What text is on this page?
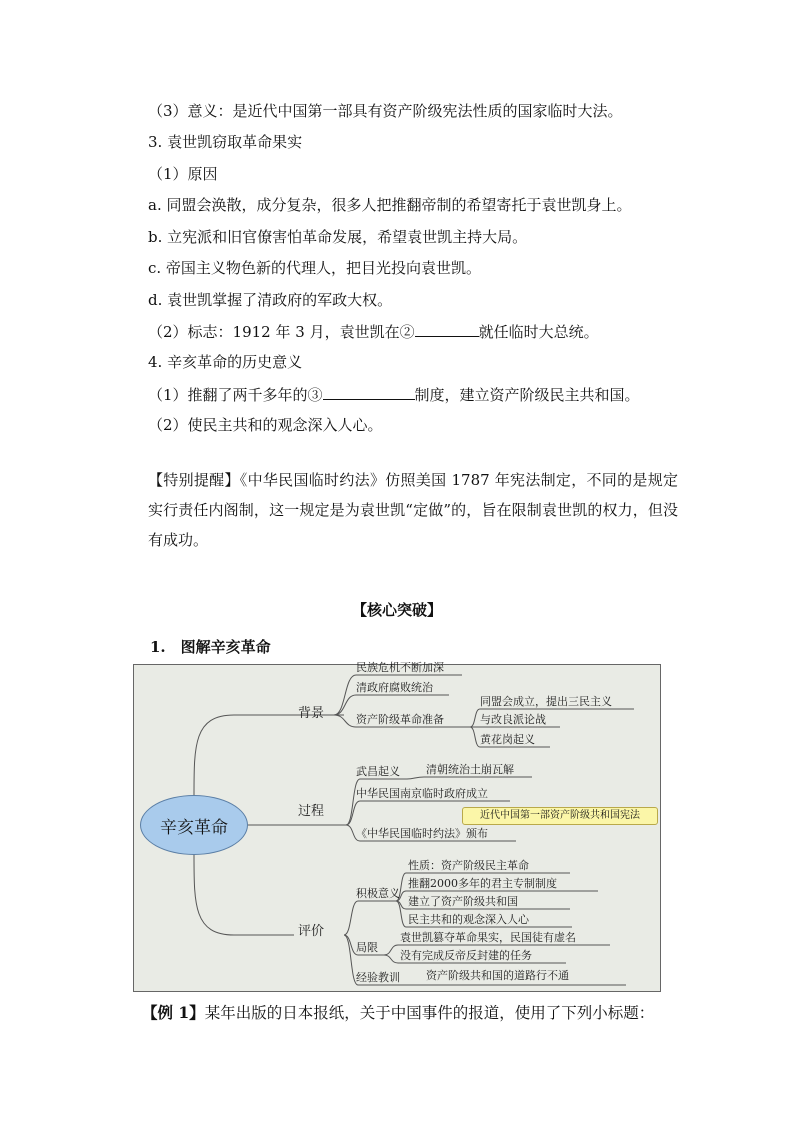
（3）意义：是近代中国第一部具有资产阶级宪法性质的国家临时大法。
3. 袁世凯窃取革命果实
（1）原因
a. 同盟会涣散，成分复杂，很多人把推翻帝制的希望寄托于袁世凯身上。
b. 立宪派和旧官僚害怕革命发展，希望袁世凯主持大局。
c. 帝国主义物色新的代理人，把目光投向袁世凯。
d. 袁世凯掌握了清政府的军政大权。
（2）标志：1912 年 3 月，袁世凯在②	就任临时大总统。
4. 辛亥革命的历史意义
（1）推翻了两千多年的③	制度，建立资产阶级民主共和国。
（2）使民主共和的观念深入人心。
【特别提醒】《中华民国临时约法》仿照美国 1787 年宪法制定，不同的是规定实行责任内阁制，这一规定是为袁世凯“定做”的，旨在限制袁世凯的权力，但没有成功。
【核心突破】
1.　图解辛亥革命
辛亥革命
背景
过程
评价
民族危机不断加深
清政府腐败统治
资产阶级革命准备
同盟会成立，提出三民主义
与改良派论战
黄花岗起义
武昌起义 清朝统治土崩瓦解
中华民国南京临时政府成立
《中华民国临时约法》颁布
近代中国第一部资产阶级共和国宪法
积极意义
性质：资产阶级民主革命
推翻2000多年的君主专制制度
建立了资产阶级共和国
民主共和的观念深入人心
局限
袁世凯篡夺革命果实，民国徒有虚名
没有完成反帝反封建的任务
经验教训 资产阶级共和国的道路行不通
【例 1】某年出版的日本报纸，关于中国事件的报道，使用了下列小标题：
